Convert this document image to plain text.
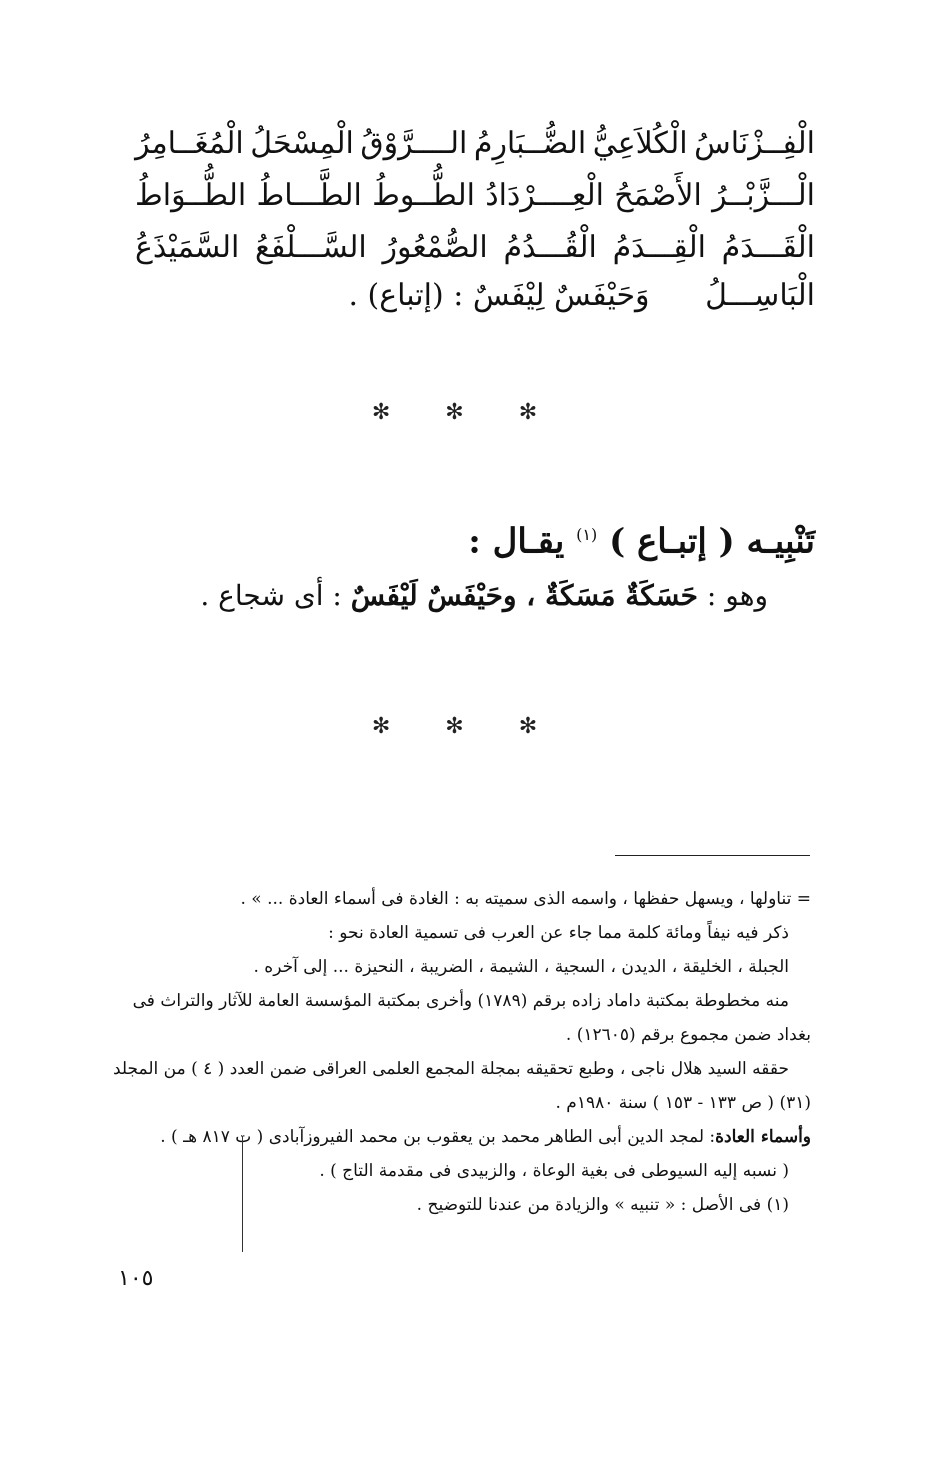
الْفِــزْنَاسُ
الْكُلاَعِيُّ
الضُّــبَارِمُ
الــــرَّوْقُ
الْمِسْحَلُ
الْمُغَــامِرُ
الْـــزَّبْــرُ
الأَصْمَحُ
الْعِــــرْدَادُ
الطُّــوطُ
الطَّـــاطُ
الطُّــوَاطُ
الْقَـــدَمُ
الْقِـــدَمُ
الْقُـــدُمُ
الصُّمْعُورُ
السَّـــلْفَعُ
السَّمَيْذَعُ
الْبَاسِـــلُ وَحَيْفَسٌ لِيْفَسٌ : (إتباع) .
✻ ✻ ✻
تَنْبِيـه ( إتبـاع ) $^{(١)}$ يقـال :
وهو : حَسَكَةٌ مَسَكَةٌ ، وحَيْفَسٌ لَيْفَسٌ : أى شجاع .
✻ ✻ ✻
= تناولها ، ويسهل حفظها ، واسمه الذى سميته به : الغادة فى أسماء العادة ... » .
ذكر فيه نيفاً ومائة كلمة مما جاء عن العرب فى تسمية العادة نحو :
الجبلة ، الخليقة ، الديدن ، السجية ، الشيمة ، الضريبة ، النحيزة ... إلى آخره .
منه مخطوطة بمكتبة داماد زاده برقم (١٧٨٩) وأخرى بمكتبة المؤسسة العامة للآثار والتراث فى
بغداد ضمن مجموع برقم (١٢٦٠٥) .
حققه السيد هلال ناجى ، وطبع تحقيقه بمجلة المجمع العلمى العراقى ضمن العدد ( ٤ ) من المجلد
(٣١) ( ص ١٣٣ - ١٥٣ ) سنة ١٩٨٠م .
وأسماء العادة: لمجد الدين أبى الطاهر محمد بن يعقوب بن محمد الفيروزآبادى ( ت ٨١٧ هـ ) .
( نسبه إليه السيوطى فى بغية الوعاة ، والزبيدى فى مقدمة التاج ) .
(١) فى الأصل : « تنبيه » والزيادة من عندنا للتوضيح .
١٠٥
